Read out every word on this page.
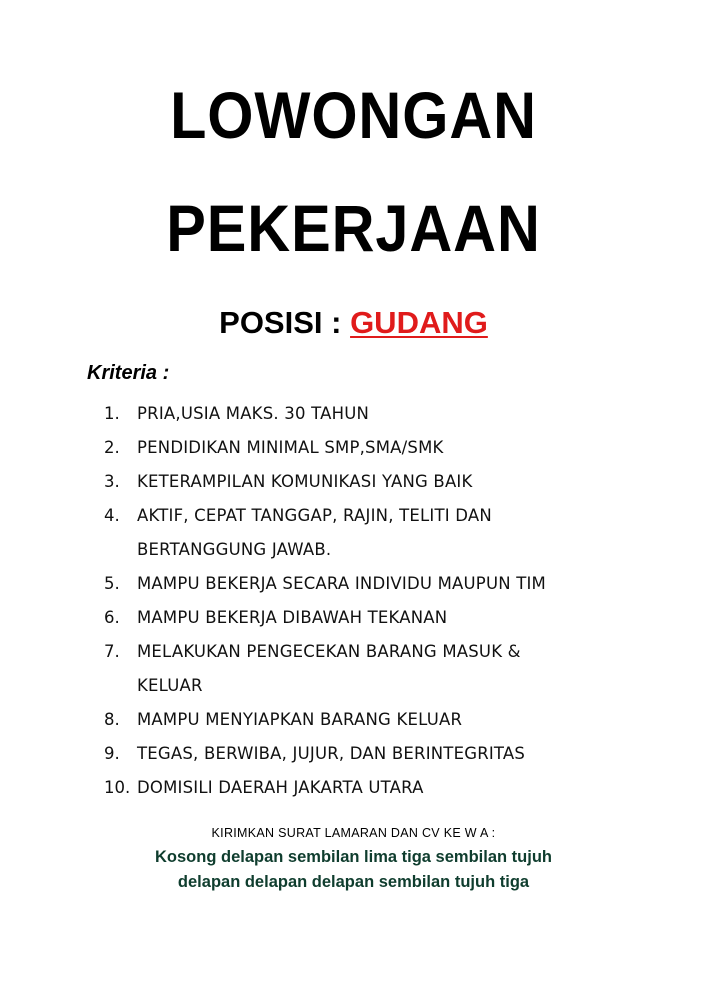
LOWONGAN
PEKERJAAN
POSISI : GUDANG
Kriteria :
1.	PRIA,USIA MAKS. 30 TAHUN
2.	PENDIDIKAN MINIMAL SMP,SMA/SMK
3.	KETERAMPILAN KOMUNIKASI YANG BAIK
4.	AKTIF, CEPAT TANGGAP, RAJIN, TELITI DAN
BERTANGGUNG JAWAB.
5.	MAMPU BEKERJA SECARA INDIVIDU MAUPUN TIM
6.	MAMPU BEKERJA DIBAWAH TEKANAN
7.	MELAKUKAN PENGECEKAN BARANG MASUK &
KELUAR
8.	MAMPU MENYIAPKAN BARANG KELUAR
9.	TEGAS, BERWIBA, JUJUR, DAN BERINTEGRITAS
10. DOMISILI DAERAH JAKARTA UTARA
KIRIMKAN SURAT LAMARAN DAN CV KE W A :
Kosong delapan sembilan lima tiga sembilan tujuh
delapan delapan delapan sembilan tujuh tiga
